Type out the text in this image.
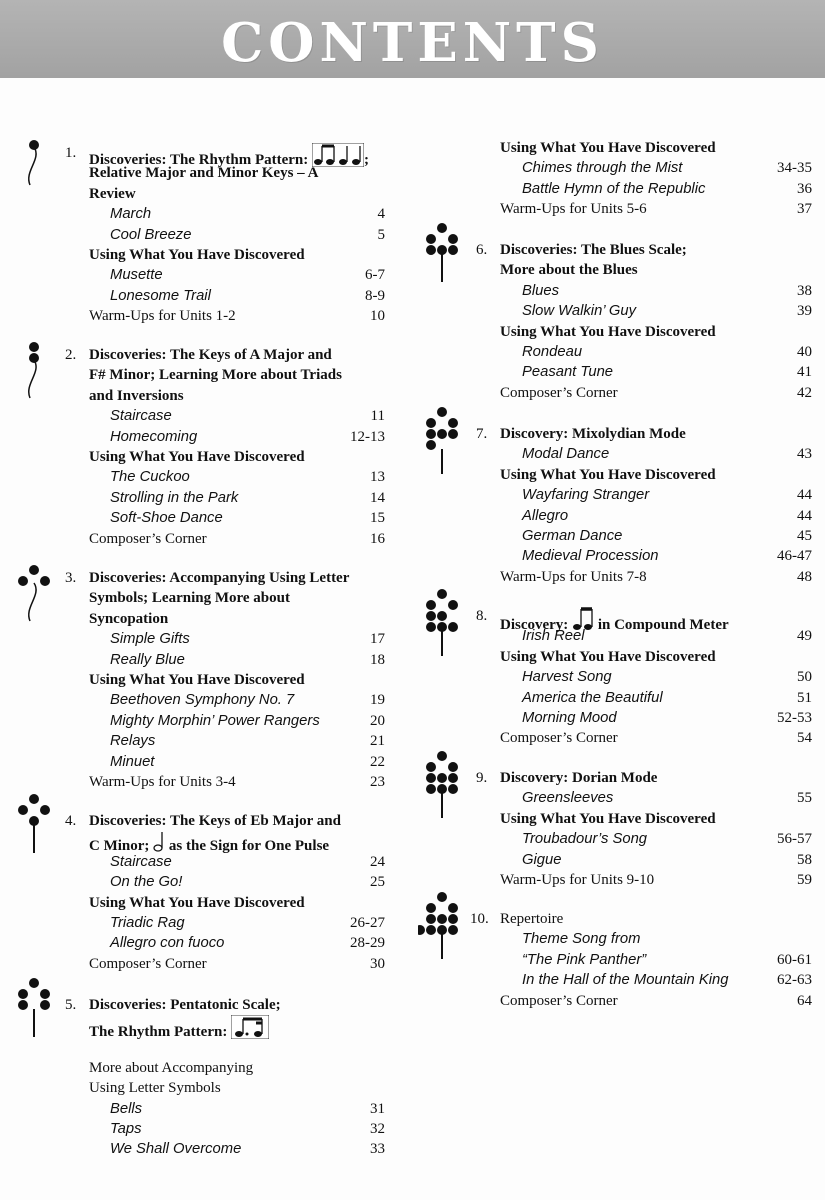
CONTENTS
1. Discoveries: The Rhythm Pattern:	;
Relative Major and Minor Keys – A
Review
March	4
Cool Breeze	5
Using What You Have Discovered
Musette	6-7
Lonesome Trail	8-9
Warm-Ups for Units 1-2	10
2. Discoveries: The Keys of A Major and
F# Minor; Learning More about Triads
and Inversions
Staircase	11
Homecoming	12-13
Using What You Have Discovered
The Cuckoo	13
Strolling in the Park	14
Soft-Shoe Dance	15
Composer’s Corner	16
3. Discoveries: Accompanying Using Letter
Symbols; Learning More about
Syncopation
Simple Gifts	17
Really Blue	18
Using What You Have Discovered
Beethoven Symphony No. 7	19
Mighty Morphin’ Power Rangers	20
Relays	21
Minuet	22
Warm-Ups for Units 3-4	23
4. Discoveries: The Keys of Eb Major and
C Minor;  as the Sign for One Pulse
Staircase	24
On the Go!	25
Using What You Have Discovered
Triadic Rag	26-27
Allegro con fuoco	28-29
Composer’s Corner	30
5. Discoveries: Pentatonic Scale;
The Rhythm Pattern:
More about Accompanying
Using Letter Symbols
Bells	31
Taps	32
We Shall Overcome	33
Using What You Have Discovered
Chimes through the Mist	34-35
Battle Hymn of the Republic	36
Warm-Ups for Units 5-6	37
6. Discoveries: The Blues Scale;
More about the Blues
Blues	38
Slow Walkin’ Guy	39
Using What You Have Discovered
Rondeau	40
Peasant Tune	41
Composer’s Corner	42
7. Discovery: Mixolydian Mode
Modal Dance	43
Using What You Have Discovered
Wayfaring Stranger	44
Allegro	44
German Dance	45
Medieval Procession	46-47
Warm-Ups for Units 7-8	48
8.
Discovery:  in Compound Meter
Irish Reel	49
Using What You Have Discovered
Harvest Song	50
America the Beautiful	51
Morning Mood	52-53
Composer’s Corner	54
9. Discovery: Dorian Mode
Greensleeves	55
Using What You Have Discovered
Troubadour’s Song	56-57
Gigue	58
Warm-Ups for Units 9-10	59
10. Repertoire
Theme Song from
“The Pink Panther”	60-61
In the Hall of the Mountain King	62-63
Composer’s Corner	64
